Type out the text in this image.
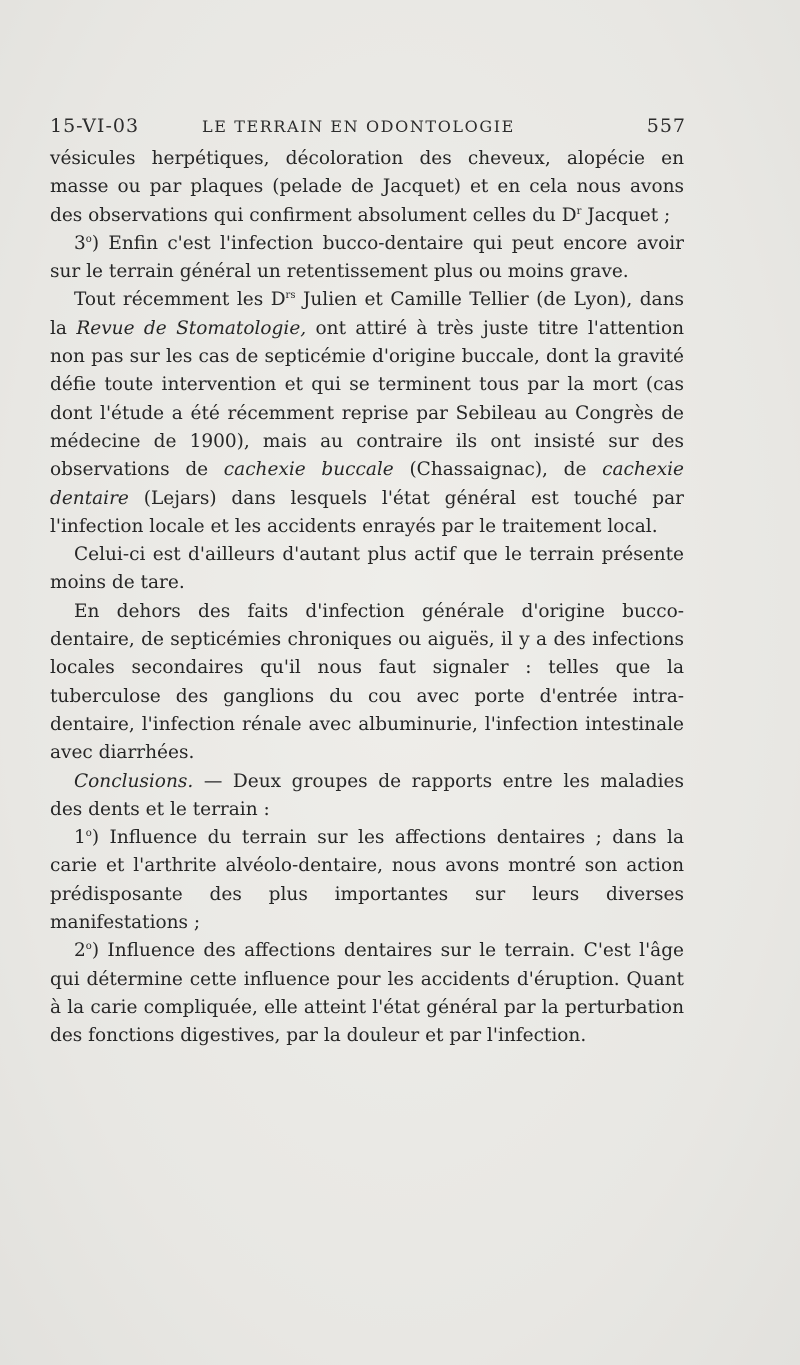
15-VI-03	LE TERRAIN EN ODONTOLOGIE	557

vésicules herpétiques, décoloration des cheveux, alopécie en masse ou par plaques (pelade de Jacquet) et en cela nous avons des observations qui confirment absolument celles du $D^r$ Jacquet ;

3$^o$) Enfin c'est l'infection bucco-dentaire qui peut encore avoir sur le terrain général un retentissement plus ou moins grave.

Tout récemment les $D^{rs}$ Julien et Camille Tellier (de Lyon), dans la Revue de Stomatologie, ont attiré à très juste titre l'attention non pas sur les cas de septicémie d'origine buccale, dont la gravité défie toute intervention et qui se terminent tous par la mort (cas dont l'étude a été récemment reprise par Sebileau au Congrès de médecine de 1900), mais au contraire ils ont insisté sur des observations de cachexie buccale (Chassaignac), de cachexie dentaire (Lejars) dans lesquels l'état général est touché par l'infection locale et les accidents enrayés par le traitement local.

Celui-ci est d'ailleurs d'autant plus actif que le terrain présente moins de tare.

En dehors des faits d'infection générale d'origine bucco-dentaire, de septicémies chroniques ou aiguës, il y a des infections locales secondaires qu'il nous faut signaler : telles que la tuberculose des ganglions du cou avec porte d'entrée intra-dentaire, l'infection rénale avec albuminurie, l'infection intestinale avec diarrhées.

Conclusions. — Deux groupes de rapports entre les maladies des dents et le terrain :

1$^o$) Influence du terrain sur les affections dentaires ; dans la carie et l'arthrite alvéolo-dentaire, nous avons montré son action prédisposante des plus importantes sur leurs diverses manifestations ;

2$^o$) Influence des affections dentaires sur le terrain. C'est l'âge qui détermine cette influence pour les accidents d'éruption. Quant à la carie compliquée, elle atteint l'état général par la perturbation des fonctions digestives, par la douleur et par l'infection.
